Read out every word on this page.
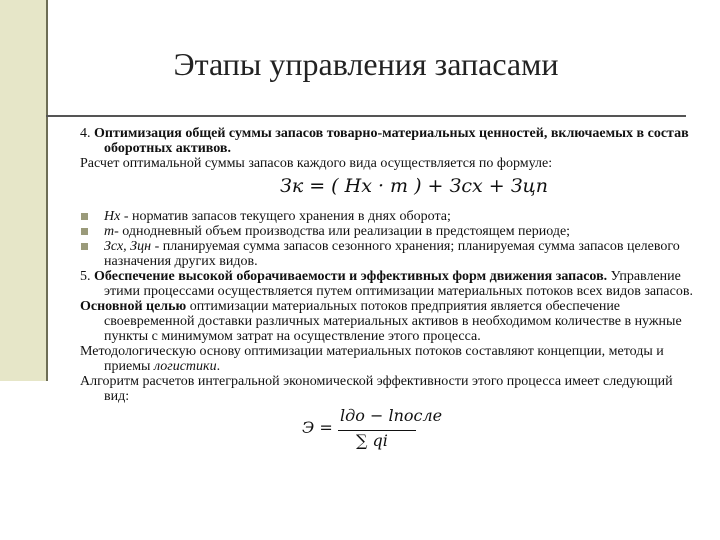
Этапы управления запасами

4. Оптимизация общей суммы запасов товарно-материальных ценностей, включаемых в состав оборотных активов.

Расчет оптимальной суммы запасов каждого вида осуществляется по формуле:

Зк = ( Нх · m ) + Зсх + Зцп
Нх - норматив запасов текущего хранения в днях оборота;
m- однодневный объем производства или реализации в предстоящем периоде;
Зсх, Зцн - планируемая сумма запасов сезонного хранения; планируемая сумма запасов целевого назначения других видов.

5. Обеспечение высокой оборачиваемости и эффективных форм движения запасов. Управление этими процессами осуществляется путем оптимизации материальных потоков всех видов запасов.

Основной целью оптимизации материальных потоков предприятия является обеспечение своевременной доставки различных материальных активов в необходимом количестве в нужные пункты с минимумом затрат на осуществление этого процесса.

Методологическую основу оптимизации материальных потоков составляют концепции, методы и приемы логистики.

Алгоритм расчетов интегральной экономической эффективности этого процесса имеет следующий вид:

Э =
lдо − lпосле
∑ qi
